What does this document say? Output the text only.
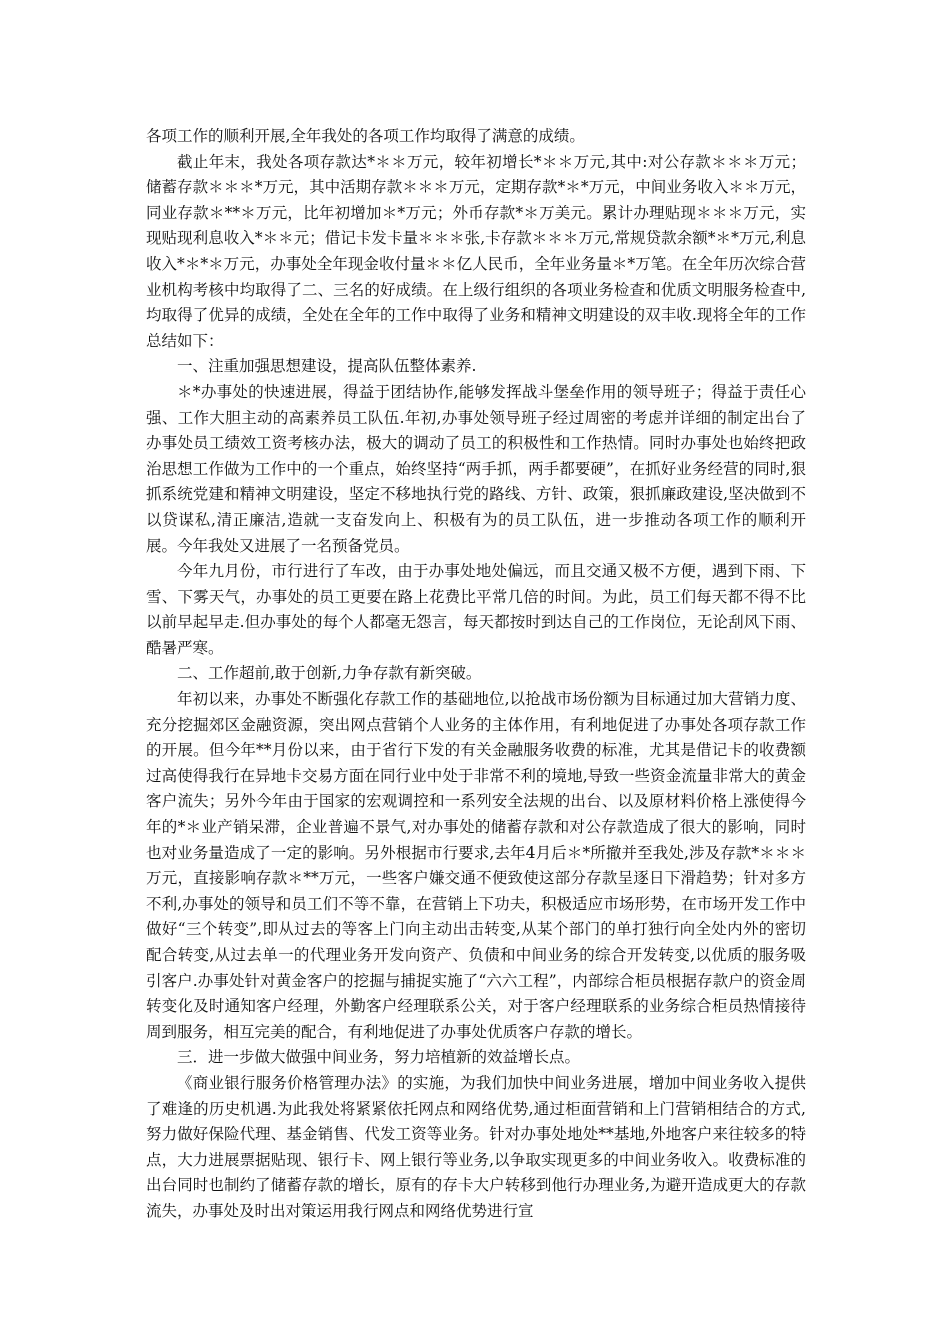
各项工作的顺利开展,全年我处的各项工作均取得了满意的成绩。

截止年末，我处各项存款达*＊＊万元，较年初增长*＊＊万元,其中:对公存款＊＊＊万元；储蓄存款＊＊＊*万元，其中活期存款＊＊＊万元，定期存款*＊*万元，中间业务收入＊＊万元，同业存款＊**＊万元，比年初增加＊*万元；外币存款*＊万美元。累计办理贴现＊＊＊万元，实现贴现利息收入*＊＊元；借记卡发卡量＊＊＊张,卡存款＊＊＊万元,常规贷款余额*＊*万元,利息收入*＊*＊万元，办事处全年现金收付量＊＊亿人民币，全年业务量＊*万笔。在全年历次综合营业机构考核中均取得了二、三名的好成绩。在上级行组织的各项业务检查和优质文明服务检查中,均取得了优异的成绩，全处在全年的工作中取得了业务和精神文明建设的双丰收.现将全年的工作总结如下：

一、注重加强思想建设，提高队伍整体素养.

＊*办事处的快速进展，得益于团结协作,能够发挥战斗堡垒作用的领导班子；得益于责任心强、工作大胆主动的高素养员工队伍.年初,办事处领导班子经过周密的考虑并详细的制定出台了办事处员工绩效工资考核办法，极大的调动了员工的积极性和工作热情。同时办事处也始终把政治思想工作做为工作中的一个重点，始终坚持“两手抓，两手都要硬”，在抓好业务经营的同时,狠抓系统党建和精神文明建设，坚定不移地执行党的路线、方针、政策，狠抓廉政建设,坚决做到不以贷谋私,清正廉洁,造就一支奋发向上、积极有为的员工队伍，进一步推动各项工作的顺利开展。今年我处又进展了一名预备党员。

今年九月份，市行进行了车改，由于办事处地处偏远，而且交通又极不方便，遇到下雨、下雪、下雾天气，办事处的员工更要在路上花费比平常几倍的时间。为此，员工们每天都不得不比以前早起早走.但办事处的每个人都毫无怨言，每天都按时到达自己的工作岗位，无论刮风下雨、酷暑严寒。

二、工作超前,敢于创新,力争存款有新突破。

年初以来，办事处不断强化存款工作的基础地位,以抢战市场份额为目标通过加大营销力度、充分挖掘郊区金融资源，突出网点营销个人业务的主体作用，有利地促进了办事处各项存款工作的开展。但今年**月份以来，由于省行下发的有关金融服务收费的标准，尤其是借记卡的收费额过高使得我行在异地卡交易方面在同行业中处于非常不利的境地,导致一些资金流量非常大的黄金客户流失；另外今年由于国家的宏观调控和一系列安全法规的出台、以及原材料价格上涨使得今年的*＊业产销呆滞，企业普遍不景气,对办事处的储蓄存款和对公存款造成了很大的影响，同时也对业务量造成了一定的影响。另外根据市行要求,去年4月后＊*所撤并至我处,涉及存款*＊＊＊万元，直接影响存款＊**万元，一些客户嫌交通不便致使这部分存款呈逐日下滑趋势；针对多方不利,办事处的领导和员工们不等不靠，在营销上下功夫，积极适应市场形势，在市场开发工作中做好“三个转变”,即从过去的等客上门向主动出击转变,从某个部门的单打独行向全处内外的密切配合转变,从过去单一的代理业务开发向资产、负债和中间业务的综合开发转变,以优质的服务吸引客户.办事处针对黄金客户的挖掘与捕捉实施了“六六工程”，内部综合柜员根据存款户的资金周转变化及时通知客户经理，外勤客户经理联系公关，对于客户经理联系的业务综合柜员热情接待周到服务，相互完美的配合，有利地促进了办事处优质客户存款的增长。

三．进一步做大做强中间业务，努力培植新的效益增长点。

《商业银行服务价格管理办法》的实施，为我们加快中间业务进展，增加中间业务收入提供了难逢的历史机遇.为此我处将紧紧依托网点和网络优势,通过柜面营销和上门营销相结合的方式,努力做好保险代理、基金销售、代发工资等业务。针对办事处地处**基地,外地客户来往较多的特点，大力进展票据贴现、银行卡、网上银行等业务,以争取实现更多的中间业务收入。收费标准的出台同时也制约了储蓄存款的增长，原有的存卡大户转移到他行办理业务,为避开造成更大的存款流失，办事处及时出对策运用我行网点和网络优势进行宣
